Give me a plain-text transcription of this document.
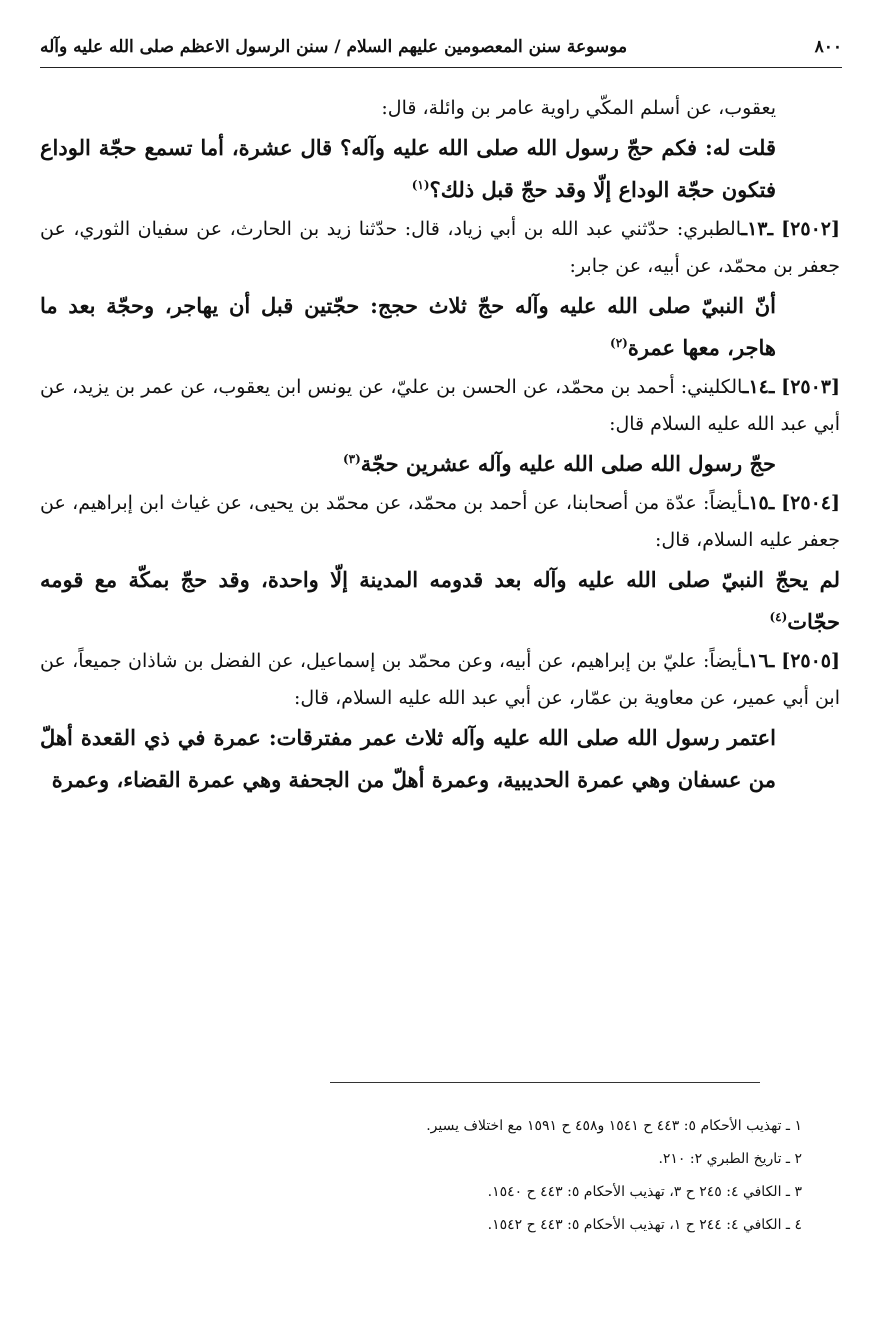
٨٠٠
موسوعة سنن المعصومين عليهم السلام / سنن الرسول الاعظم صلى الله عليه وآله

يعقوب، عن أسلم المكّي راوية عامر بن وائلة، قال:

قلت له: فكم حجّ رسول الله صلى الله عليه وآله؟ قال عشرة، أما تسمع حجّة الوداع فتكون حجّة الوداع إلّا وقد حجّ قبل ذلك؟$^{(١)}$

[٢٥٠٢] ـ١٣ـالطبري: حدّثني عبد الله بن أبي زياد، قال: حدّثنا زيد بن الحارث، عن سفيان الثوري، عن جعفر بن محمّد، عن أبيه، عن جابر:

أنّ النبيّ صلى الله عليه وآله حجّ ثلاث حجج: حجّتين قبل أن يهاجر، وحجّة بعد ما هاجر، معها عمرة$^{(٢)}$

[٢٥٠٣] ـ١٤ـالكليني: أحمد بن محمّد، عن الحسن بن عليّ، عن يونس ابن يعقوب، عن عمر بن يزيد، عن أبي عبد الله عليه السلام قال:

حجّ رسول الله صلى الله عليه وآله عشرين حجّة$^{(٣)}$

[٢٥٠٤] ـ١٥ـأيضاً: عدّة من أصحابنا، عن أحمد بن محمّد، عن محمّد بن يحيى، عن غياث ابن إبراهيم، عن جعفر عليه السلام، قال:

لم يحجّ النبيّ صلى الله عليه وآله بعد قدومه المدينة إلّا واحدة، وقد حجّ بمكّة مع قومه حجّات$^{(٤)}$

[٢٥٠٥] ـ١٦ـأيضاً: عليّ بن إبراهيم، عن أبيه، وعن محمّد بن إسماعيل، عن الفضل بن شاذان جميعاً، عن ابن أبي عمير، عن معاوية بن عمّار، عن أبي عبد الله عليه السلام، قال:

اعتمر رسول الله صلى الله عليه وآله ثلاث عمر مفترقات: عمرة في ذي القعدة أهلّ من عسفان وهي عمرة الحديبية، وعمرة أهلّ من الجحفة وهي عمرة القضاء، وعمرة

١ ـ تهذيب الأحكام ٥: ٤٤٣ ح ١٥٤١ و٤٥٨ ح ١٥٩١ مع اختلاف يسير.
٢ ـ تاريخ الطبري ٢: ٢١٠.
٣ ـ الكافي ٤: ٢٤٥ ح ٣، تهذيب الأحكام ٥: ٤٤٣ ح ١٥٤٠.
٤ ـ الكافي ٤: ٢٤٤ ح ١، تهذيب الأحكام ٥: ٤٤٣ ح ١٥٤٢.
